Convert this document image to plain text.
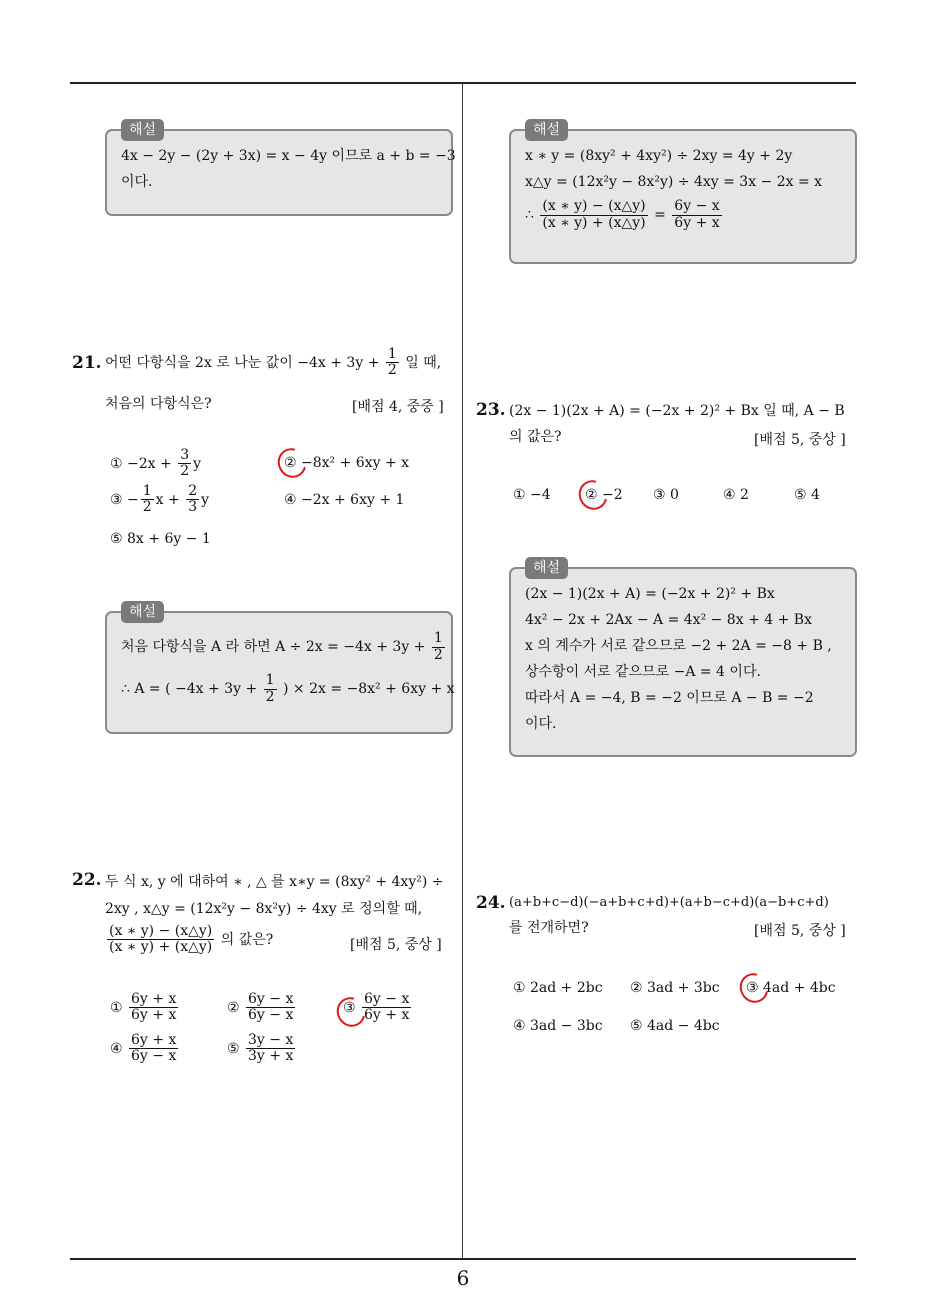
해설
4x − 2y − (2y + 3x) = x − 4y 이므로 a + b = −3
이다.
21. 어떤 다항식을 2x 로 나눈 값이 $-4x + 3y + \frac{1}{2}$ 일 때,
처음의 다항식은?	[배점 4, 중중 ]
① $-2x + \frac{3}{2}$ y	② −8x² + 6xy + x
③ − $\frac{1}{2}$ $x + \frac{2}{3}$ y	④ −2x + 6xy + 1
⑤ 8x + 6y − 1
해설
처음 다항식을 A 라 하면 $A \div 2x = -4x + 3y + \frac{1}{2}$
∴ A = ( $-4x + 3y + \frac{1}{2}$ ) × 2x = −8x² + 6xy + x
22. 두 식 x, y 에 대하여 ∗ , △ 를 x∗y = (8xy² + 4xy²) ÷
2xy , x△y = (12x²y − 8x²y) ÷ 4xy 로 정의할 때,
$\frac{(x ∗ y) - (x\triangle y)}{(x ∗ y) + (x\triangle y)}$ 의 값은?	[배점 5, 중상 ]
① $\frac{6y + x}{6y + x}$	② $\frac{6y - x}{6y - x}$	③ $\frac{6y - x}{6y + x}$
④ $\frac{6y + x}{6y - x}$	⑤ $\frac{3y - x}{3y + x}$
해설
x ∗ y = (8xy² + 4xy²) ÷ 2xy = 4y + 2y
x△y = (12x²y − 8x²y) ÷ 4xy = 3x − 2x = x
∴ $\frac{(x ∗ y) - (x\triangle y)}{(x ∗ y) + (x\triangle y)} = \frac{6y - x}{6y + x}$
23. (2x − 1)(2x + A) = (−2x + 2)² + Bx 일 때, A − B
의 값은?	[배점 5, 중상 ]
① −4 ② −2 ③ 0	④ 2	⑤ 4
해설
(2x − 1)(2x + A) = (−2x + 2)² + Bx
4x² − 2x + 2Ax − A = 4x² − 8x + 4 + Bx
x 의 계수가 서로 같으므로 −2 + 2A = −8 + B ,
상수항이 서로 같으므로 −A = 4 이다.
따라서 A = −4, B = −2 이므로 A − B = −2
이다.
24. (a+b+c−d)(−a+b+c+d)+(a+b−c+d)(a−b+c+d)
를 전개하면?	[배점 5, 중상 ]
① 2ad + 2bc ② 3ad + 3bc ③ 4ad + 4bc
④ 3ad − 3bc ⑤ 4ad − 4bc
6
